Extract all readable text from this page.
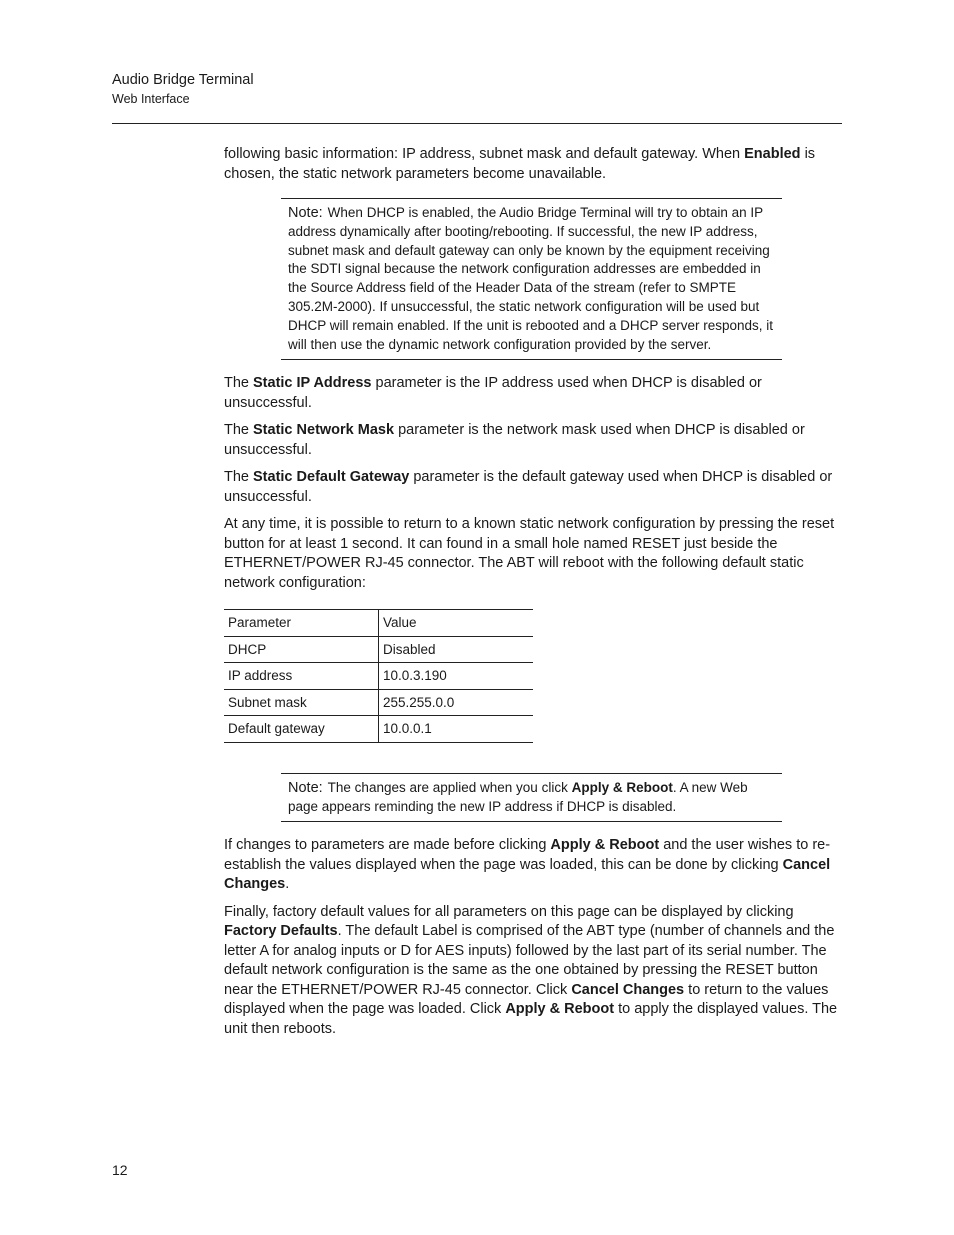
Audio Bridge Terminal
Web Interface

following basic information: IP address, subnet mask and default gateway. When Enabled is chosen, the static network parameters become unavailable.

Note: When DHCP is enabled, the Audio Bridge Terminal will try to obtain an IP address dynamically after booting/rebooting. If successful, the new IP address, subnet mask and default gateway can only be known by the equipment receiving the SDTI signal because the network configuration addresses are embedded in the Source Address field of the Header Data of the stream (refer to SMPTE 305.2M-2000). If unsuccessful, the static network configuration will be used but DHCP will remain enabled. If the unit is rebooted and a DHCP server responds, it will then use the dynamic network configuration provided by the server.

The Static IP Address parameter is the IP address used when DHCP is disabled or unsuccessful.

The Static Network Mask parameter is the network mask used when DHCP is disabled or unsuccessful.

The Static Default Gateway parameter is the default gateway used when DHCP is disabled or unsuccessful.

At any time, it is possible to return to a known static network configuration by pressing the reset button for at least 1 second. It can found in a small hole named RESET just beside the ETHERNET/POWER RJ-45 connector. The ABT will reboot with the following default static network configuration:

Parameter	Value
DHCP	Disabled
IP address	10.0.3.190
Subnet mask	255.255.0.0
Default gateway	10.0.0.1
Note: The changes are applied when you click Apply & Reboot. A new Web page appears reminding the new IP address if DHCP is disabled.

If changes to parameters are made before clicking Apply & Reboot and the user wishes to re-establish the values displayed when the page was loaded, this can be done by clicking Cancel Changes.

Finally, factory default values for all parameters on this page can be displayed by clicking Factory Defaults. The default Label is comprised of the ABT type (number of channels and the letter A for analog inputs or D for AES inputs) followed by the last part of its serial number. The default network configuration is the same as the one obtained by pressing the RESET button near the ETHERNET/POWER RJ-45 connector. Click Cancel Changes to return to the values displayed when the page was loaded. Click Apply & Reboot to apply the displayed values. The unit then reboots.

12
